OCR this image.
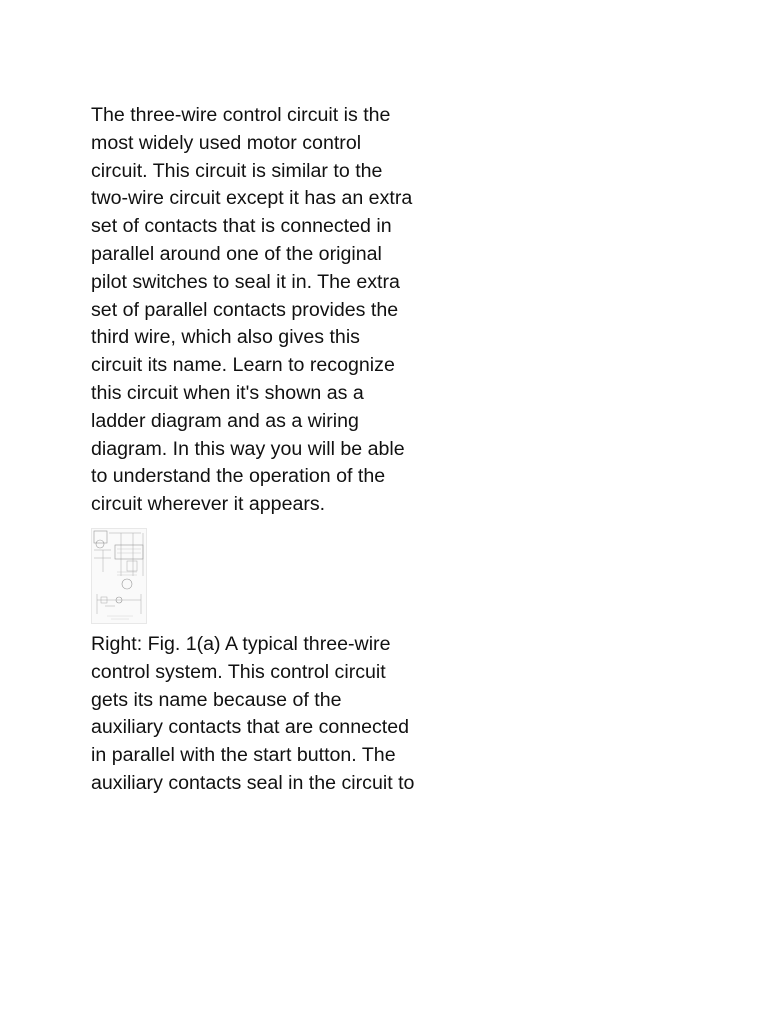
The three-wire control circuit is the most widely used motor control circuit. This circuit is similar to the two-wire circuit except it has an extra set of contacts that is connected in parallel around one of the original pilot switches to seal it in. The extra set of parallel contacts provides the third wire, which also gives this circuit its name. Learn to recognize this circuit when it's shown as a ladder diagram and as a wiring diagram. In this way you will be able to understand the operation of the circuit wherever it appears.

Right: Fig. 1(a) A typical three-wire control system. This control circuit gets its name because of the auxiliary contacts that are connected in parallel with the start button. The auxiliary contacts seal in the circuit to
